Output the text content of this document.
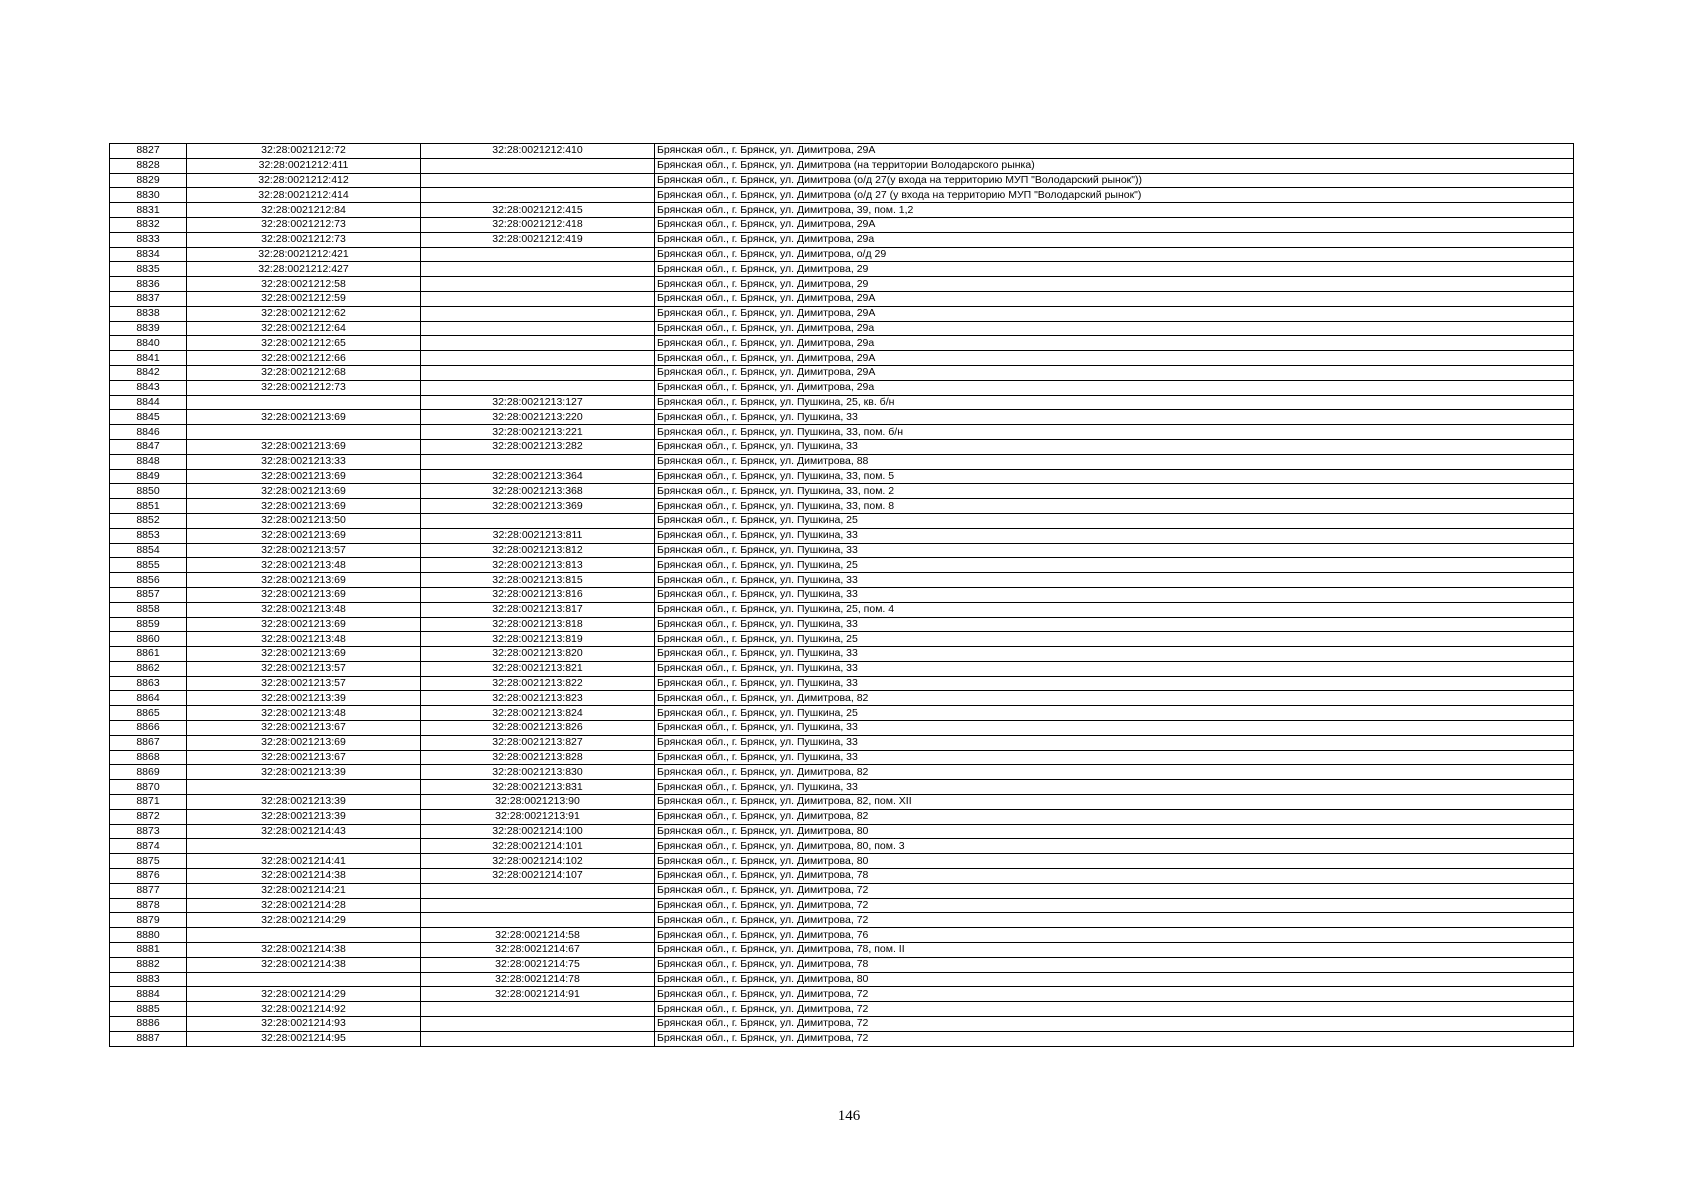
8827	32:28:0021212:72	32:28:0021212:410	Брянская обл., г. Брянск, ул. Димитрова, 29А
8828	32:28:0021212:411		Брянская обл., г. Брянск, ул. Димитрова (на территории Володарского рынка)
8829	32:28:0021212:412		Брянская обл., г. Брянск, ул. Димитрова (о/д 27(у входа на территорию МУП "Володарский рынок"))
8830	32:28:0021212:414		Брянская обл., г. Брянск, ул. Димитрова (о/д 27 (у входа на территорию МУП "Володарский рынок")
8831	32:28:0021212:84	32:28:0021212:415	Брянская обл., г. Брянск, ул. Димитрова, 39, пом. 1,2
8832	32:28:0021212:73	32:28:0021212:418	Брянская обл., г. Брянск, ул. Димитрова, 29А
8833	32:28:0021212:73	32:28:0021212:419	Брянская обл., г. Брянск, ул. Димитрова, 29а
8834	32:28:0021212:421		Брянская обл., г. Брянск, ул. Димитрова, о/д 29
8835	32:28:0021212:427		Брянская обл., г. Брянск, ул. Димитрова, 29
8836	32:28:0021212:58		Брянская обл., г. Брянск, ул. Димитрова, 29
8837	32:28:0021212:59		Брянская обл., г. Брянск, ул. Димитрова, 29А
8838	32:28:0021212:62		Брянская обл., г. Брянск, ул. Димитрова, 29А
8839	32:28:0021212:64		Брянская обл., г. Брянск, ул. Димитрова, 29а
8840	32:28:0021212:65		Брянская обл., г. Брянск, ул. Димитрова, 29а
8841	32:28:0021212:66		Брянская обл., г. Брянск, ул. Димитрова, 29А
8842	32:28:0021212:68		Брянская обл., г. Брянск, ул. Димитрова, 29А
8843	32:28:0021212:73		Брянская обл., г. Брянск, ул. Димитрова, 29а
8844		32:28:0021213:127	Брянская обл., г. Брянск, ул. Пушкина, 25, кв. б/н
8845	32:28:0021213:69	32:28:0021213:220	Брянская обл., г. Брянск, ул. Пушкина, 33
8846		32:28:0021213:221	Брянская обл., г. Брянск, ул. Пушкина, 33, пом. б/н
8847	32:28:0021213:69	32:28:0021213:282	Брянская обл., г. Брянск, ул. Пушкина, 33
8848	32:28:0021213:33		Брянская обл., г. Брянск, ул. Димитрова, 88
8849	32:28:0021213:69	32:28:0021213:364	Брянская обл., г. Брянск, ул. Пушкина, 33, пом. 5
8850	32:28:0021213:69	32:28:0021213:368	Брянская обл., г. Брянск, ул. Пушкина, 33, пом. 2
8851	32:28:0021213:69	32:28:0021213:369	Брянская обл., г. Брянск, ул. Пушкина, 33, пом. 8
8852	32:28:0021213:50		Брянская обл., г. Брянск, ул. Пушкина, 25
8853	32:28:0021213:69	32:28:0021213:811	Брянская обл., г. Брянск, ул. Пушкина, 33
8854	32:28:0021213:57	32:28:0021213:812	Брянская обл., г. Брянск, ул. Пушкина, 33
8855	32:28:0021213:48	32:28:0021213:813	Брянская обл., г. Брянск, ул. Пушкина, 25
8856	32:28:0021213:69	32:28:0021213:815	Брянская обл., г. Брянск, ул. Пушкина, 33
8857	32:28:0021213:69	32:28:0021213:816	Брянская обл., г. Брянск, ул. Пушкина, 33
8858	32:28:0021213:48	32:28:0021213:817	Брянская обл., г. Брянск, ул. Пушкина, 25, пом. 4
8859	32:28:0021213:69	32:28:0021213:818	Брянская обл., г. Брянск, ул. Пушкина, 33
8860	32:28:0021213:48	32:28:0021213:819	Брянская обл., г. Брянск, ул. Пушкина, 25
8861	32:28:0021213:69	32:28:0021213:820	Брянская обл., г. Брянск, ул. Пушкина, 33
8862	32:28:0021213:57	32:28:0021213:821	Брянская обл., г. Брянск, ул. Пушкина, 33
8863	32:28:0021213:57	32:28:0021213:822	Брянская обл., г. Брянск, ул. Пушкина, 33
8864	32:28:0021213:39	32:28:0021213:823	Брянская обл., г. Брянск, ул. Димитрова, 82
8865	32:28:0021213:48	32:28:0021213:824	Брянская обл., г. Брянск, ул. Пушкина, 25
8866	32:28:0021213:67	32:28:0021213:826	Брянская обл., г. Брянск, ул. Пушкина, 33
8867	32:28:0021213:69	32:28:0021213:827	Брянская обл., г. Брянск, ул. Пушкина, 33
8868	32:28:0021213:67	32:28:0021213:828	Брянская обл., г. Брянск, ул. Пушкина, 33
8869	32:28:0021213:39	32:28:0021213:830	Брянская обл., г. Брянск, ул. Димитрова, 82
8870		32:28:0021213:831	Брянская обл., г. Брянск, ул. Пушкина, 33
8871	32:28:0021213:39	32:28:0021213:90	Брянская обл., г. Брянск, ул. Димитрова, 82, пом. XII
8872	32:28:0021213:39	32:28:0021213:91	Брянская обл., г. Брянск, ул. Димитрова, 82
8873	32:28:0021214:43	32:28:0021214:100	Брянская обл., г. Брянск, ул. Димитрова, 80
8874		32:28:0021214:101	Брянская обл., г. Брянск, ул. Димитрова, 80, пом. 3
8875	32:28:0021214:41	32:28:0021214:102	Брянская обл., г. Брянск, ул. Димитрова, 80
8876	32:28:0021214:38	32:28:0021214:107	Брянская обл., г. Брянск, ул. Димитрова, 78
8877	32:28:0021214:21		Брянская обл., г. Брянск, ул. Димитрова, 72
8878	32:28:0021214:28		Брянская обл., г. Брянск, ул. Димитрова, 72
8879	32:28:0021214:29		Брянская обл., г. Брянск, ул. Димитрова, 72
8880		32:28:0021214:58	Брянская обл., г. Брянск, ул. Димитрова, 76
8881	32:28:0021214:38	32:28:0021214:67	Брянская обл., г. Брянск, ул. Димитрова, 78, пом. II
8882	32:28:0021214:38	32:28:0021214:75	Брянская обл., г. Брянск, ул. Димитрова, 78
8883		32:28:0021214:78	Брянская обл., г. Брянск, ул. Димитрова, 80
8884	32:28:0021214:29	32:28:0021214:91	Брянская обл., г. Брянск, ул. Димитрова, 72
8885	32:28:0021214:92		Брянская обл., г. Брянск, ул. Димитрова, 72
8886	32:28:0021214:93		Брянская обл., г. Брянск, ул. Димитрова, 72
8887	32:28:0021214:95		Брянская обл., г. Брянск, ул. Димитрова, 72
146
